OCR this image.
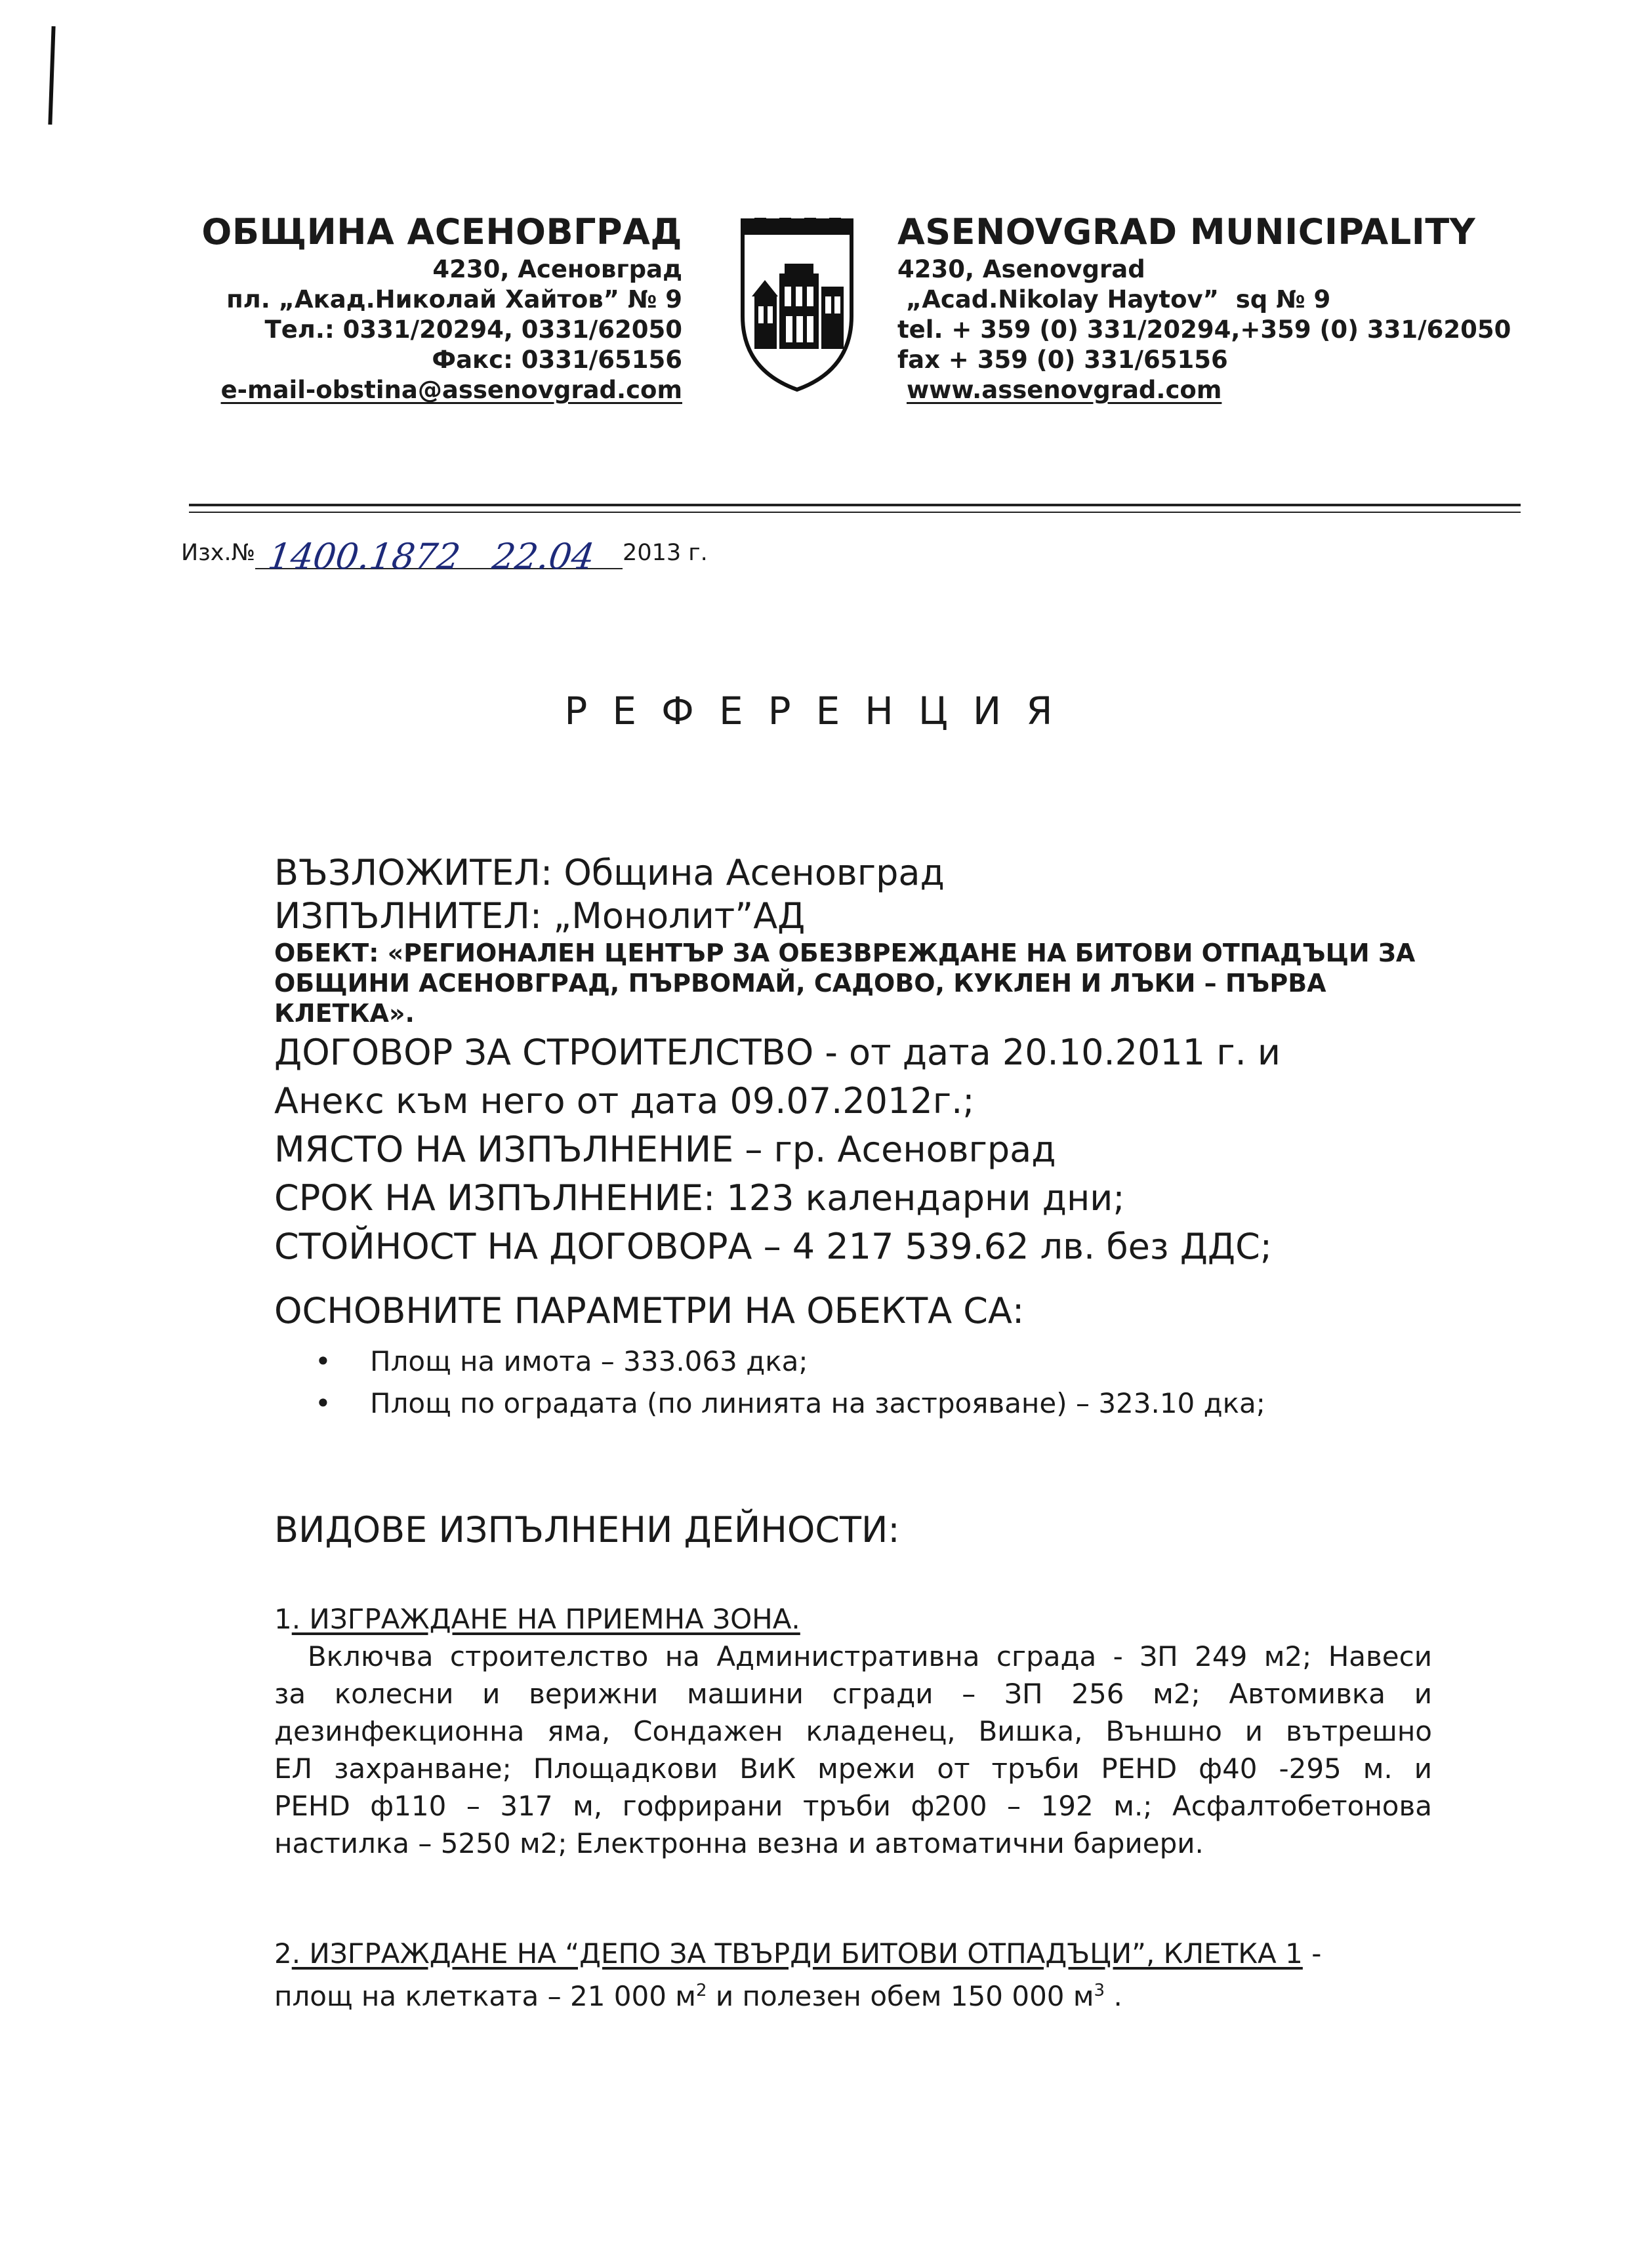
ОБЩИНА АСЕНОВГРАД
4230, Асеновград
пл. „Акад.Николай Хайтов” № 9
Тел.: 0331/20294, 0331/62050
Факс: 0331/65156
e-mail-obstina@assenovgrad.com
ASENOVGRAD MUNICIPALITY
4230, Asenovgrad
„Acad.Nikolay Haytov”  sq № 9
tel. + 359 (0) 331/20294,+359 (0) 331/62050
fax + 359 (0) 331/65156
www.assenovgrad.com
Изх.№ 1400.1872 22.04 2013 г.
РЕФЕРЕНЦИЯ
ВЪЗЛОЖИТЕЛ: Община Асеновград
ИЗПЪЛНИТЕЛ: „Монолит”АД
ОБЕКТ: «РЕГИОНАЛЕН ЦЕНТЪР ЗА ОБЕЗВРЕЖДАНЕ НА БИТОВИ ОТПАДЪЦИ ЗА
ОБЩИНИ АСЕНОВГРАД, ПЪРВОМАЙ, САДОВО, КУКЛЕН И ЛЪКИ – ПЪРВА КЛЕТКА».
ДОГОВОР ЗА СТРОИТЕЛСТВО - от дата 20.10.2011 г. и
Анекс към него от дата 09.07.2012г.;
МЯСТО НА ИЗПЪЛНЕНИЕ – гр. Асеновград
СРОК НА ИЗПЪЛНЕНИЕ: 123 календарни дни;
СТОЙНОСТ НА ДОГОВОРА – 4 217 539.62 лв. без ДДС;
ОСНОВНИТЕ ПАРАМЕТРИ НА ОБЕКТА СА:
• Площ на имота – 333.063 дка;
• Площ по оградата (по линията на застрояване) – 323.10 дка;
ВИДОВЕ ИЗПЪЛНЕНИ ДЕЙНОСТИ:
1. ИЗГРАЖДАНЕ НА ПРИЕМНА ЗОНА.
Включва строителство на Административна сграда - ЗП 249 м2; Навеси
за колесни и верижни машини сгради – ЗП 256 м2; Автомивка и
дезинфекционна яма, Сондажен кладенец, Вишка, Външно и вътрешно
ЕЛ захранване; Площадкови ВиК мрежи от тръби PEHD ф40 -295 м. и
PEHD ф110 – 317 м, гофрирани тръби ф200 – 192 м.; Асфалтобетонова
настилка – 5250 м2; Електронна везна и автоматични бариери.
2. ИЗГРАЖДАНЕ НА “ДЕПО ЗА ТВЪРДИ БИТОВИ ОТПАДЪЦИ”, КЛЕТКА 1 -
площ на клетката – 21 000 $м^2$ и полезен обем 150 000 $м^3$ .
